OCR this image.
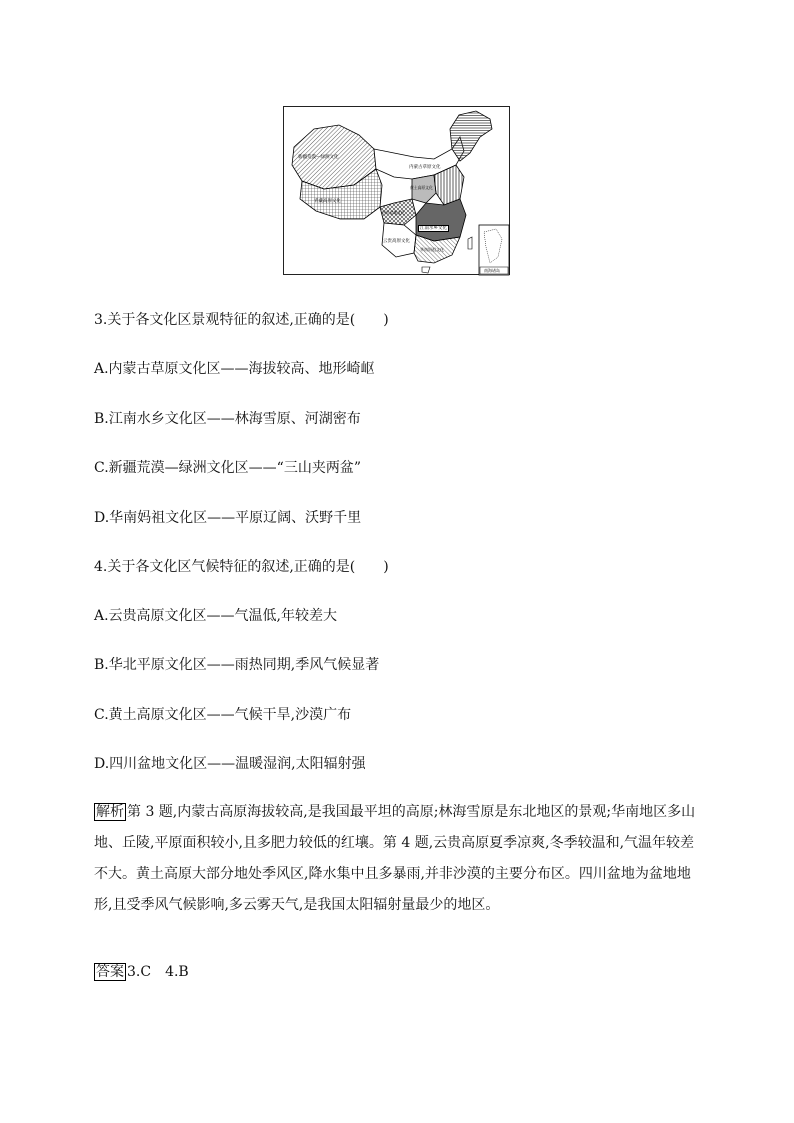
新疆荒漠—绿洲文化
内蒙古草原文化
黄土高原文化
青藏高原文化
四川盆地文化
江南水乡文化
云贵高原文化
华南妈祖文化
南海诸岛
3.关于各文化区景观特征的叙述,正确的是(　　)
A.内蒙古草原文化区——海拔较高、地形崎岖
B.江南水乡文化区——林海雪原、河湖密布
C.新疆荒漠—绿洲文化区——“三山夹两盆”
D.华南妈祖文化区——平原辽阔、沃野千里
4.关于各文化区气候特征的叙述,正确的是(　　)
A.云贵高原文化区——气温低,年较差大
B.华北平原文化区——雨热同期,季风气候显著
C.黄土高原文化区——气候干旱,沙漠广布
D.四川盆地文化区——温暖湿润,太阳辐射强
解析 第 3 题,内蒙古高原海拔较高,是我国最平坦的高原;林海雪原是东北地区的景观;华南地区多山地、丘陵,平原面积较小,且多肥力较低的红壤。第 4 题,云贵高原夏季凉爽,冬季较温和,气温年较差不大。黄土高原大部分地处季风区,降水集中且多暴雨,并非沙漠的主要分布区。四川盆地为盆地地形,且受季风气候影响,多云雾天气,是我国太阳辐射量最少的地区。
答案 3.C　4.B
